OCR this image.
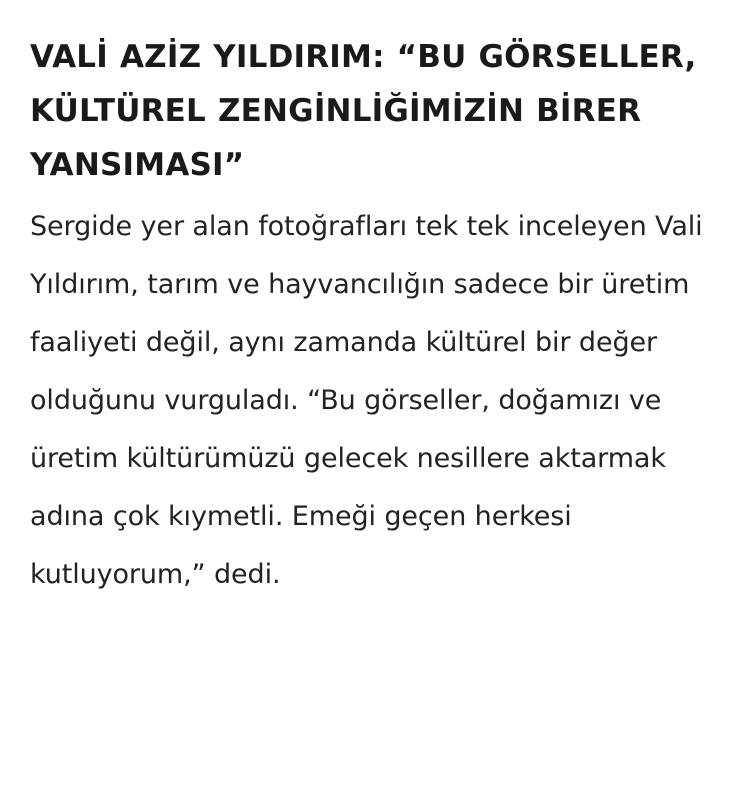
VALİ AZİZ YILDIRIM: “BU GÖRSELLER, KÜLTÜREL ZENGİNLİĞİMİZİN BİRER YANSIMASI”

Sergide yer alan fotoğrafları tek tek inceleyen Vali Yıldırım, tarım ve hayvancılığın sadece bir üretim faaliyeti değil, aynı zamanda kültürel bir değer olduğunu vurguladı. “Bu görseller, doğamızı ve üretim kültürümüzü gelecek nesillere aktarmak adına çok kıymetli. Emeği geçen herkesi kutluyorum,” dedi.
